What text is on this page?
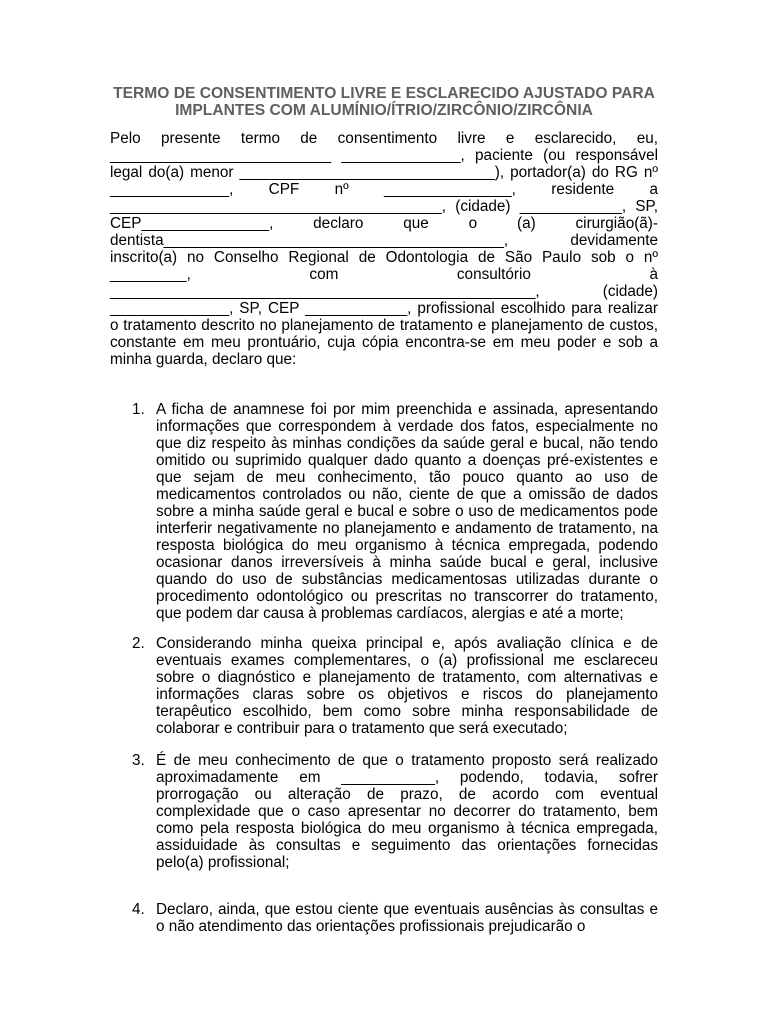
TERMO DE CONSENTIMENTO LIVRE E ESCLARECIDO AJUSTADO PARA IMPLANTES COM ALUMÍNIO/ÍTRIO/ZIRCÔNIO/ZIRCÔNIA

Pelo presente termo de consentimento livre e esclarecido, eu, __________________________ ______________, paciente (ou responsável legal do(a) menor ______________________________), portador(a) do RG nº ______________, CPF nº _______________, residente a _______________________________________, (cidade) ____________, SP, CEP_______________, declaro que o (a) cirurgião(ã)-dentista________________________________________, devidamente inscrito(a) no Conselho Regional de Odontologia de São Paulo sob o nº _________, com consultório à __________________________________________________, (cidade) ______________, SP, CEP ____________, profissional escolhido para realizar o tratamento descrito no planejamento de tratamento e planejamento de custos, constante em meu prontuário, cuja cópia encontra-se em meu poder e sob a minha guarda, declaro que:

1. A ficha de anamnese foi por mim preenchida e assinada, apresentando informações que correspondem à verdade dos fatos, especialmente no que diz respeito às minhas condições da saúde geral e bucal, não tendo omitido ou suprimido qualquer dado quanto a doenças pré-existentes e que sejam de meu conhecimento, tão pouco quanto ao uso de medicamentos controlados ou não, ciente de que a omissão de dados sobre a minha saúde geral e bucal e sobre o uso de medicamentos pode interferir negativamente no planejamento e andamento de tratamento, na resposta biológica do meu organismo à técnica empregada, podendo ocasionar danos irreversíveis à minha saúde bucal e geral, inclusive quando do uso de substâncias medicamentosas utilizadas durante o procedimento odontológico ou prescritas no transcorrer do tratamento, que podem dar causa à problemas cardíacos, alergias e até a morte;

2. Considerando minha queixa principal e, após avaliação clínica e de eventuais exames complementares, o (a) profissional me esclareceu sobre o diagnóstico e planejamento de tratamento, com alternativas e informações claras sobre os objetivos e riscos do planejamento terapêutico escolhido, bem como sobre minha responsabilidade de colaborar e contribuir para o tratamento que será executado;

3. É de meu conhecimento de que o tratamento proposto será realizado aproximadamente em ___________, podendo, todavia, sofrer prorrogação ou alteração de prazo, de acordo com eventual complexidade que o caso apresentar no decorrer do tratamento, bem como pela resposta biológica do meu organismo à técnica empregada, assiduidade às consultas e seguimento das orientações fornecidas pelo(a) profissional;

4. Declaro, ainda, que estou ciente que eventuais ausências às consultas e o não atendimento das orientações profissionais prejudicarão o
